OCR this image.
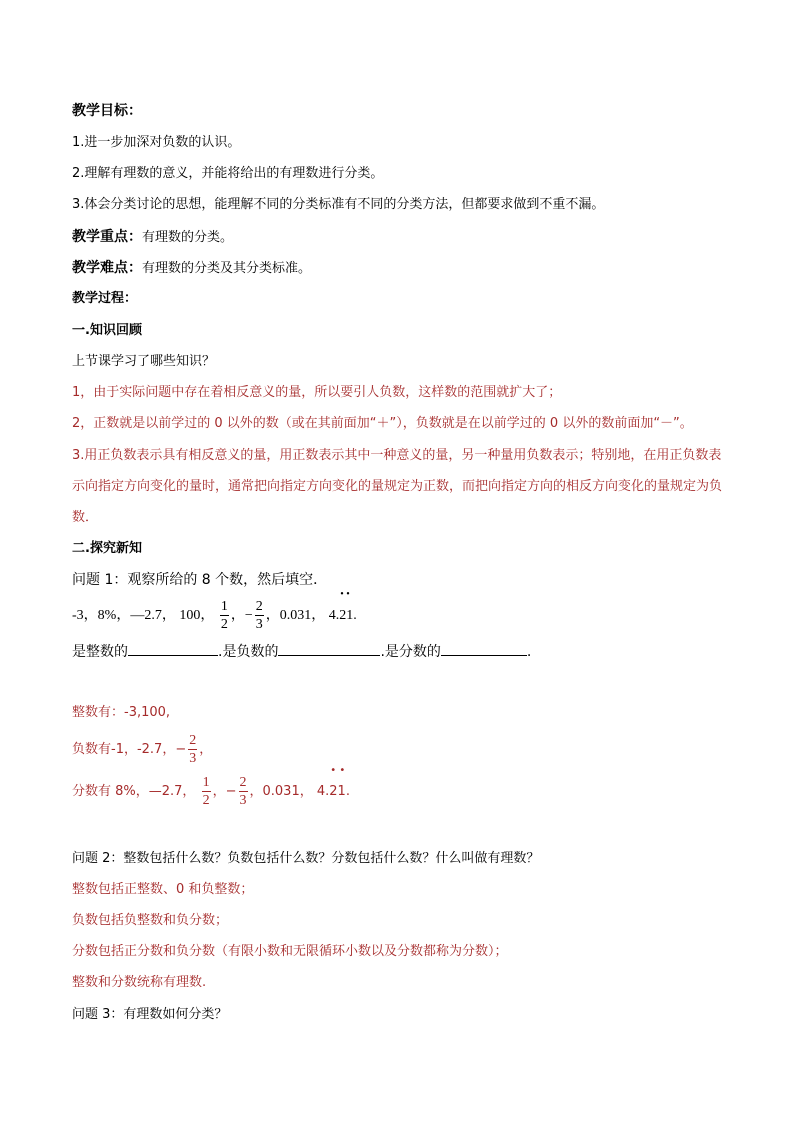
教学目标：
1.进一步加深对负数的认识。
2.理解有理数的意义，并能将给出的有理数进行分类。
3.体会分类讨论的思想，能理解不同的分类标准有不同的分类方法，但都要求做到不重不漏。
教学重点：有理数的分类。
教学难点：有理数的分类及其分类标准。
教学过程：
一.知识回顾
上节课学习了哪些知识？
1，由于实际问题中存在着相反意义的量，所以要引人负数，这样数的范围就扩大了；
2，正数就是以前学过的 0 以外的数（或在其前面加“＋”），负数就是在以前学过的 0 以外的数前面加“－”。
3.用正负数表示具有相反意义的量，用正数表示其中一种意义的量，另一种量用负数表示；特别地，在用正负数表示向指定方向变化的量时，通常把向指定方向变化的量规定为正数，而把向指定方向的相反方向变化的量规定为负数．
二.探究新知
问题 1：观察所给的 8 个数，然后填空．
-3，8%，—2.7， 100， $\frac{1}{2}$ ，− $\frac{2}{3}$ ，0.031， 4.
• •
21.
是整数的	.是负数的	.是分数的	.
整数有：-3,100,
负数有-1，-2.7，− $\frac{2}{3}$ ，
分数有 8%，—2.7， $\frac{1}{2}$ ，− $\frac{2}{3}$ ，0.031， 4.
• •
21.
问题 2：整数包括什么数？负数包括什么数？分数包括什么数？什么叫做有理数？
整数包括正整数、0 和负整数；
负数包括负整数和负分数；
分数包括正分数和负分数（有限小数和无限循环小数以及分数都称为分数）；
整数和分数统称有理数.
问题 3：有理数如何分类？
